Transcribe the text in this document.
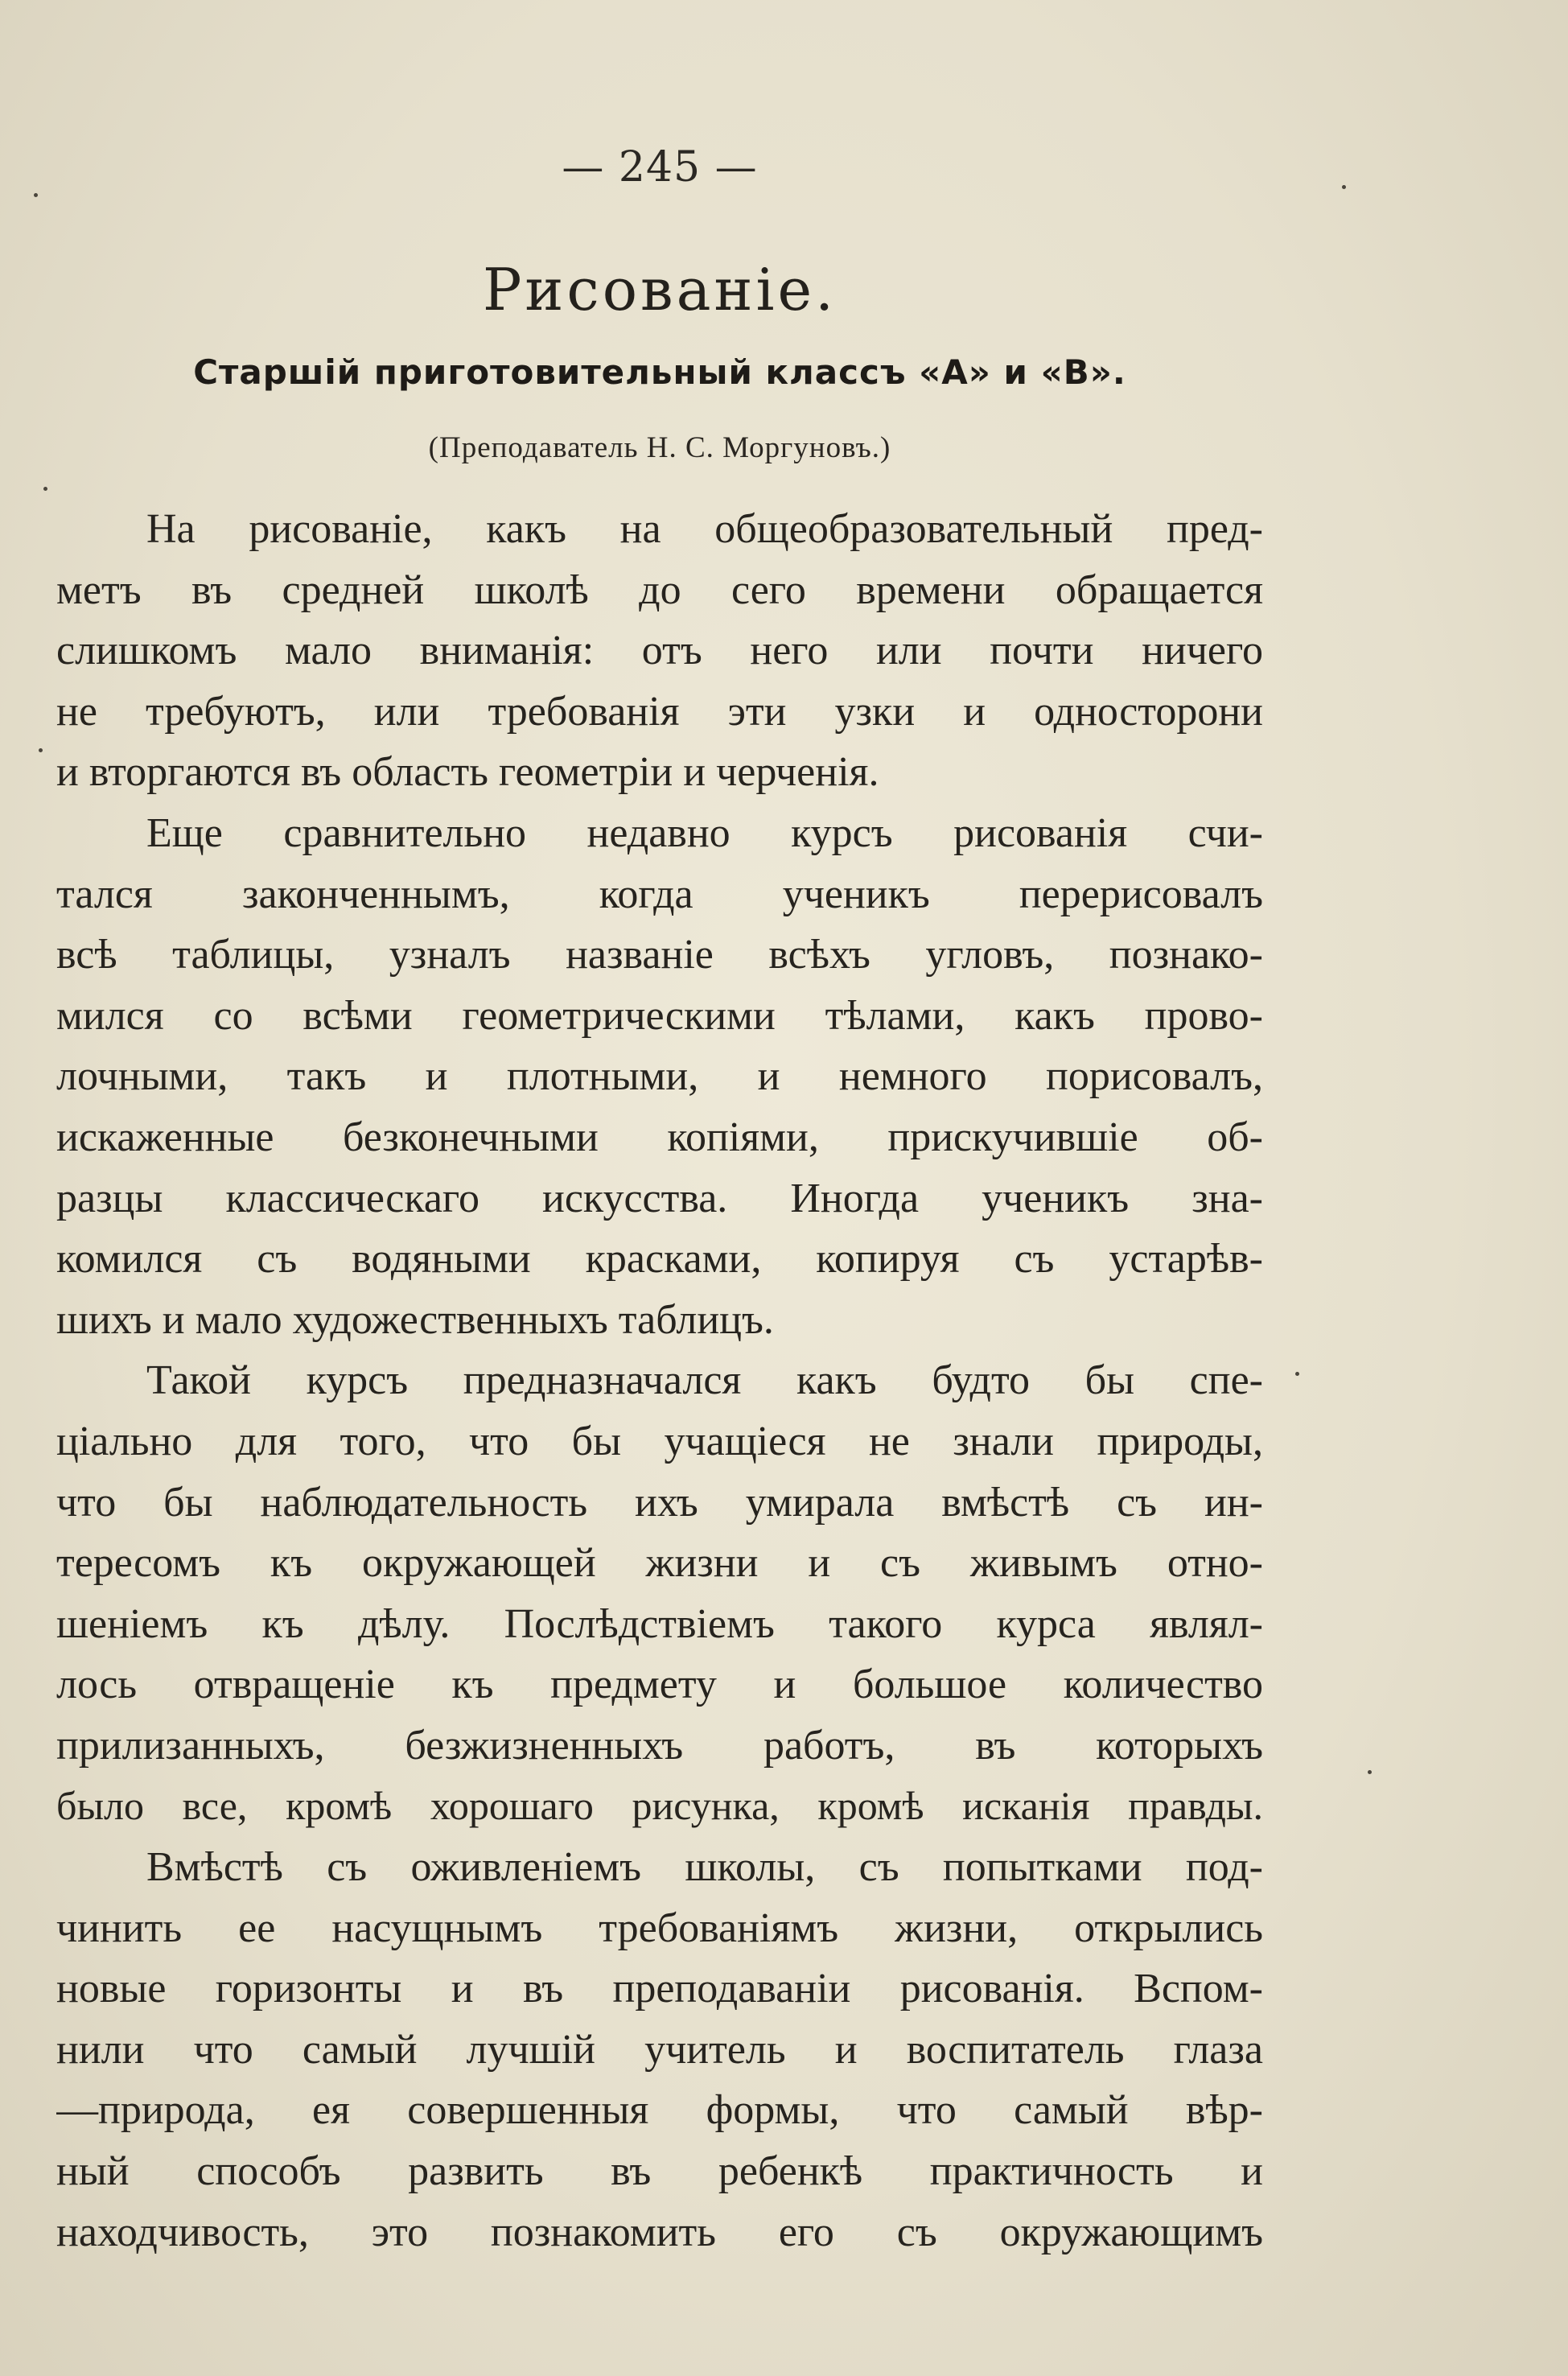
— 245 —
Рисованіе.
Старшій приготовительный классъ «А» и «В».
(Преподаватель Н. С. Моргуновъ.)
На рисованіе, какъ на общеобразовательный пред-
метъ въ средней школѣ до сего времени обращается
слишкомъ мало вниманія: отъ него или почти ничего
не требуютъ, или требованія эти узки и односторони
и вторгаются въ область геометріи и черченія.
Еще сравнительно недавно курсъ рисованія счи-
тался законченнымъ, когда ученикъ перерисовалъ
всѣ таблицы, узналъ названіе всѣхъ угловъ, познако-
мился со всѣми геометрическими тѣлами, какъ прово-
лочными, такъ и плотными, и немного порисовалъ,
искаженные безконечными копіями, прискучившіе об-
разцы классическаго искусства. Иногда ученикъ зна-
комился съ водяными красками, копируя съ устарѣв-
шихъ и мало художественныхъ таблицъ.
Такой курсъ предназначался какъ будто бы спе-
ціально для того, что бы учащіеся не знали природы,
что бы наблюдательность ихъ умирала вмѣстѣ съ ин-
тересомъ къ окружающей жизни и съ живымъ отно-
шеніемъ къ дѣлу. Послѣдствіемъ такого курса являл-
лось отвращеніе къ предмету и большое количество
прилизанныхъ, безжизненныхъ работъ, въ которыхъ
было все, кромѣ хорошаго рисунка, кромѣ исканія правды.
Вмѣстѣ съ оживленіемъ школы, съ попытками под-
чинить ее насущнымъ требованіямъ жизни, открылись
новые горизонты и въ преподаваніи рисованія. Вспом-
нили что самый лучшій учитель и воспитатель глаза
—природа, ея совершенныя формы, что самый вѣр-
ный способъ развить въ ребенкѣ практичность и
находчивость, это познакомить его съ окружающимъ
